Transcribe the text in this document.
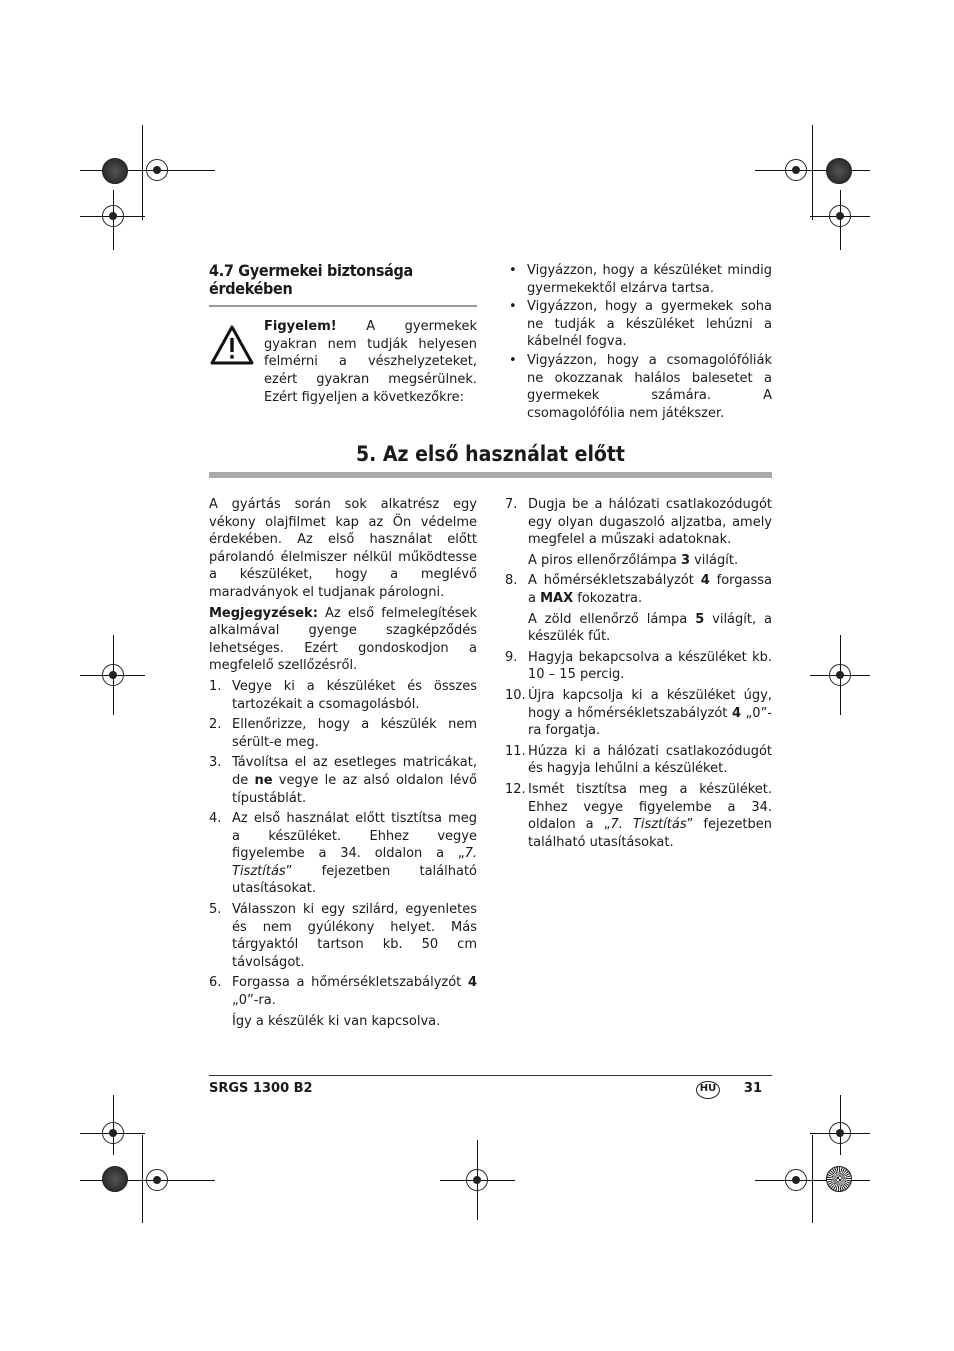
4.7 Gyermekei biztonsága érdekében

Figyelem! A gyermekek gyakran nem tudják helyesen felmérni a vészhelyzeteket, ezért gyakran megsérülnek. Ezért figyeljen a következőkre:

• Vigyázzon, hogy a készüléket mindig gyermekektől elzárva tartsa.
• Vigyázzon, hogy a gyermekek soha ne tudják a készüléket lehúzni a kábelnél fogva.
• Vigyázzon, hogy a csomagolófóliák ne okozzanak halálos balesetet a gyermekek számára. A csomagolófólia nem játékszer.
5. Az első használat előtt

A gyártás során sok alkatrész egy vékony olajfilmet kap az Ön védelme érdekében. Az első használat előtt párolandó élelmiszer nélkül működtesse a készüléket, hogy a meglévő maradványok el tudjanak párologni.

Megjegyzések: Az első felmelegítések alkalmával gyenge szagképződés lehetséges. Ezért gondoskodjon a megfelelő szellőzésről.

1. Vegye ki a készüléket és összes tartozékait a csomagolásból.
2. Ellenőrizze, hogy a készülék nem sérült-e meg.
3. Távolítsa el az esetleges matricákat, de ne vegye le az alsó oldalon lévő típustáblát.
4. Az első használat előtt tisztítsa meg a készüléket. Ehhez vegye figyelembe a 34. oldalon a „7. Tisztítás” fejezetben található utasításokat.
5. Válasszon ki egy szilárd, egyenletes és nem gyúlékony helyet. Más tárgyaktól tartson kb. 50 cm távolságot.
6. Forgassa a hőmérsékletszabályzót 4 „0”-ra.

Így a készülék ki van kapcsolva.

7. Dugja be a hálózati csatlakozódugót egy olyan dugaszoló aljzatba, amely megfelel a műszaki adatoknak.

A piros ellenőrzőlámpa 3 világít.

8. A hőmérsékletszabályzót 4 forgassa a MAX fokozatra.

A zöld ellenőrző lámpa 5 világít, a készülék fűt.

9. Hagyja bekapcsolva a készüléket kb. 10 – 15 percig.
10. Újra kapcsolja ki a készüléket úgy, hogy a hőmérsékletszabályzót 4 „0”-ra forgatja.
11. Húzza ki a hálózati csatlakozódugót és hagyja lehűlni a készüléket.
12. Ismét tisztítsa meg a készüléket. Ehhez vegye figyelembe a 34. oldalon a „7. Tisztítás” fejezetben található utasításokat.
SRGS 1300 B2	HU 31
